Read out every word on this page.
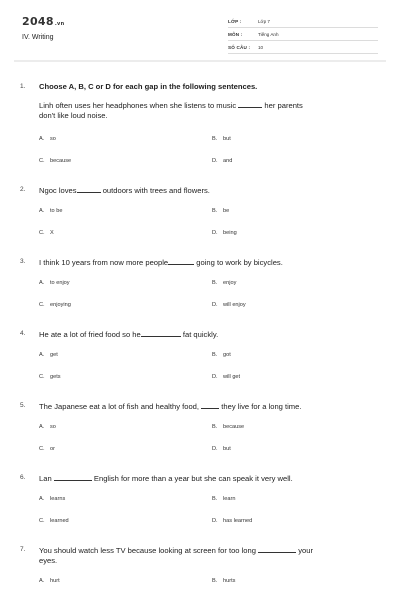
2048.vn
IV. Writing
LỚP :	Lớp 7
MÔN :	Tiếng Anh
SỐ CÂU : 10
1. Choose A, B, C or D for each gap in the following sentences.
Linh often uses her headphones when she listens to music	her parents
don't like loud noise.
A. so	B. but
C. because	D. and
2. Ngoc loves	outdoors with trees and flowers.
A. to be	B. be
C. X	D. being
3. I think 10 years from now more people	going to work by bicycles.
A. to enjoy	B. enjoy
C. enjoying	D. will enjoy
4. He ate a lot of fried food so he	fat quickly.
A. get	B. got
C. gets	D. will get
5. The Japanese eat a lot of fish and healthy food,	they live for a long time.
A. so	B. because
C. or	D. but
6. Lan	English for more than a year but she can speak it very well.
A. learns	B. learn
C. learned	D. has learned
7. You should watch less TV because looking at screen for too long	your
eyes.
A. hurt	B. hurts
